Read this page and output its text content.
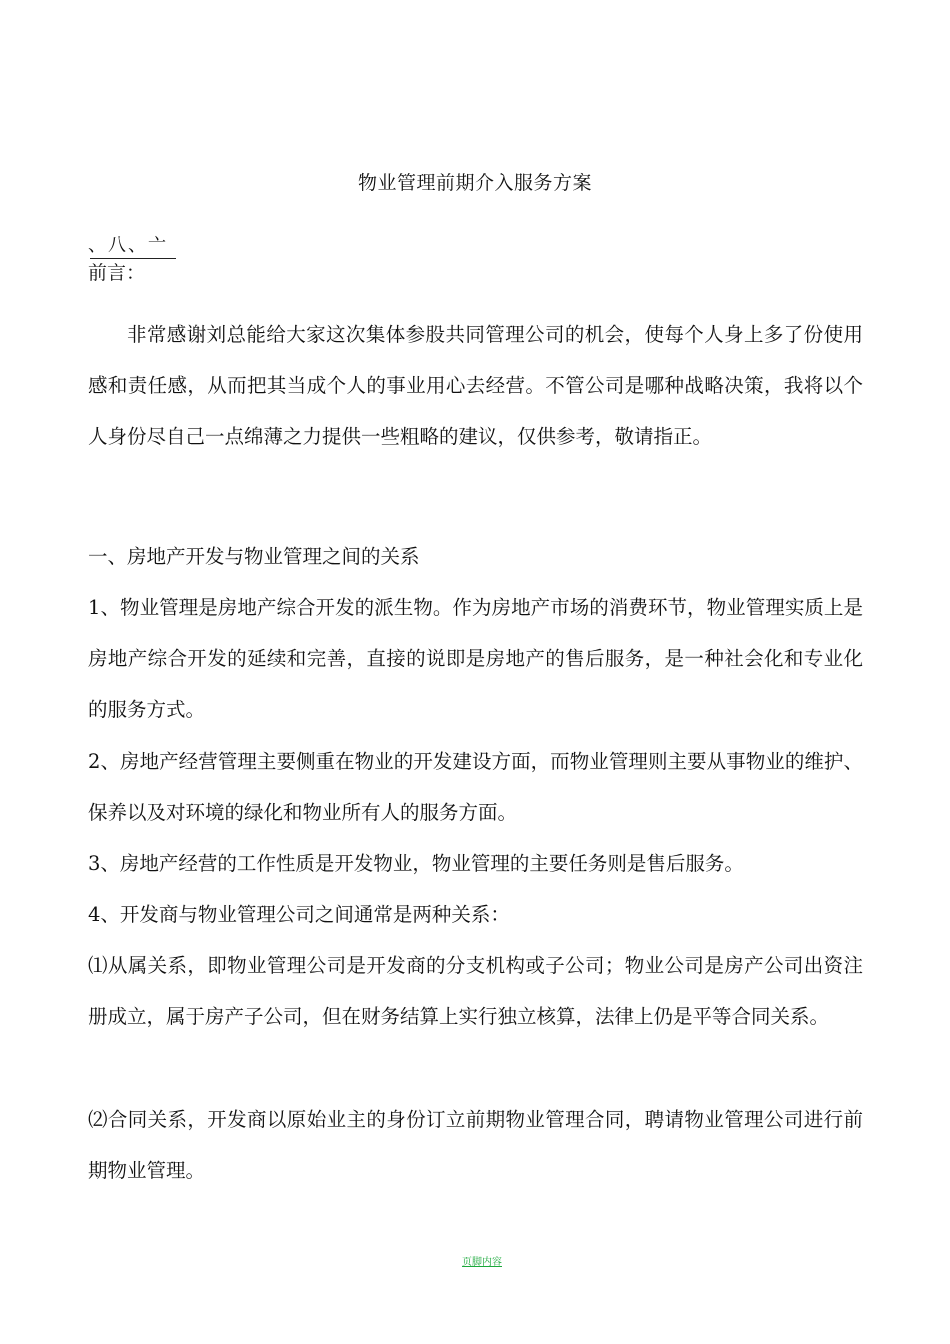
物业管理前期介入服务方案
、八、亠
前言：

非常感谢刘总能给大家这次集体参股共同管理公司的机会，使每个人身上多了份使用感和责任感，从而把其当成个人的事业用心去经营。不管公司是哪种战略决策，我将以个人身份尽自己一点绵薄之力提供一些粗略的建议，仅供参考，敬请指正。

一、房地产开发与物业管理之间的关系

1、物业管理是房地产综合开发的派生物。作为房地产市场的消费环节，物业管理实质上是房地产综合开发的延续和完善，直接的说即是房地产的售后服务，是一种社会化和专业化的服务方式。

2、房地产经营管理主要侧重在物业的开发建设方面，而物业管理则主要从事物业的维护、保养以及对环境的绿化和物业所有人的服务方面。

3、房地产经营的工作性质是开发物业，物业管理的主要任务则是售后服务。

4、开发商与物业管理公司之间通常是两种关系：

⑴从属关系，即物业管理公司是开发商的分支机构或子公司；物业公司是房产公司出资注册成立，属于房产子公司，但在财务结算上实行独立核算，法律上仍是平等合同关系。

⑵合同关系，开发商以原始业主的身份订立前期物业管理合同，聘请物业管理公司进行前期物业管理。

页脚内容
